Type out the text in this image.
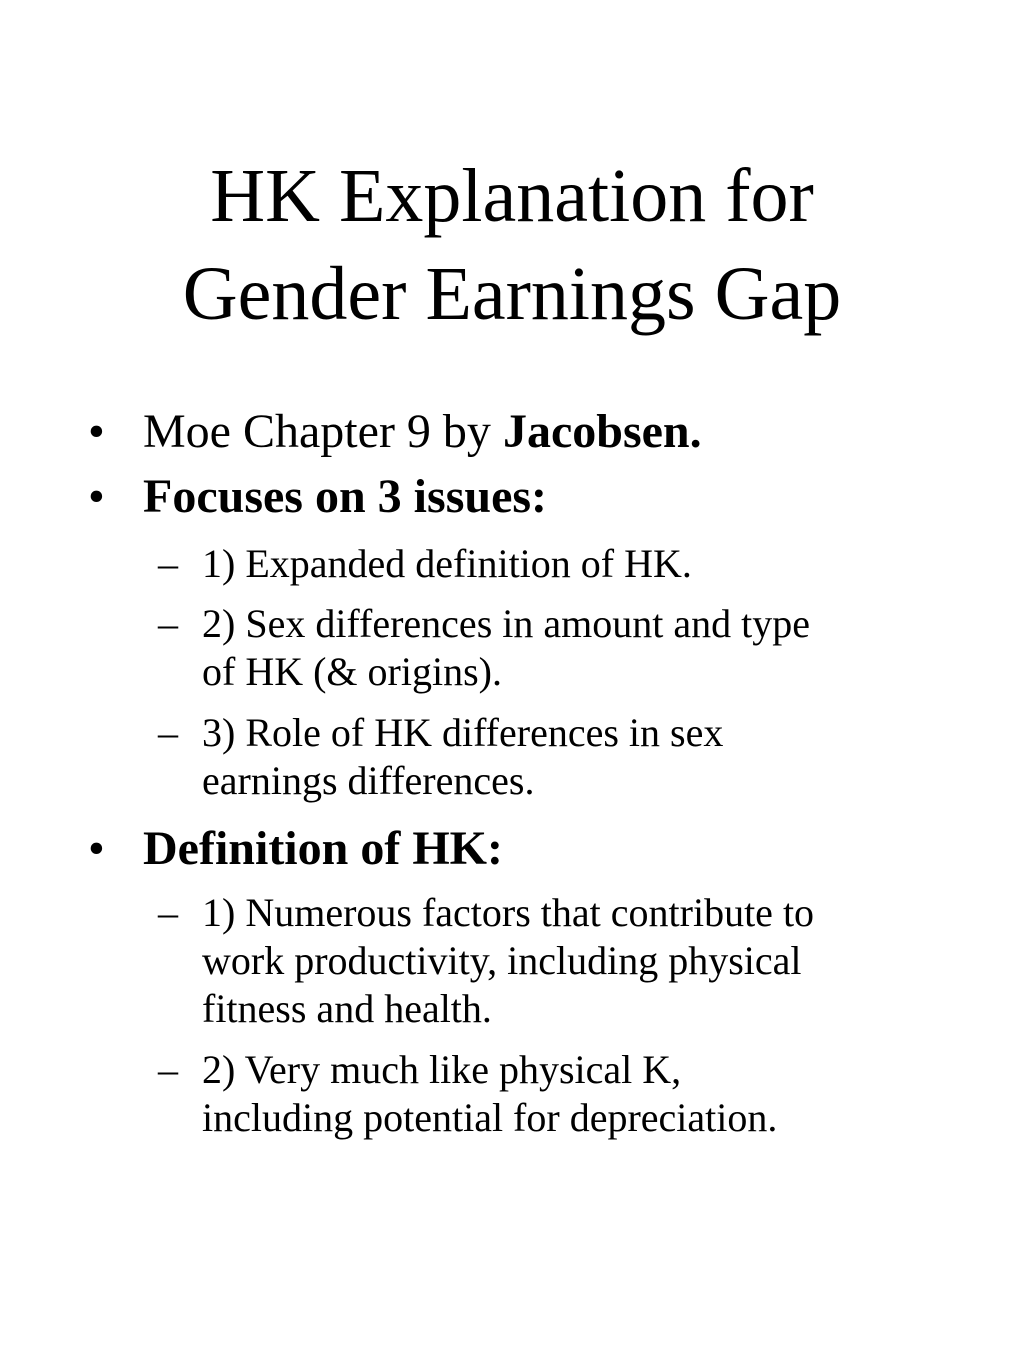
HK Explanation for
Gender Earnings Gap
• Moe Chapter 9 by Jacobsen.
• Focuses on 3 issues:
– 1) Expanded definition of HK.
– 2) Sex differences in amount and type
of HK (& origins).
– 3) Role of HK differences in sex
earnings differences.
• Definition of HK:
– 1) Numerous factors that contribute to
work productivity, including physical
fitness and health.
– 2) Very much like physical K,
including potential for depreciation.
